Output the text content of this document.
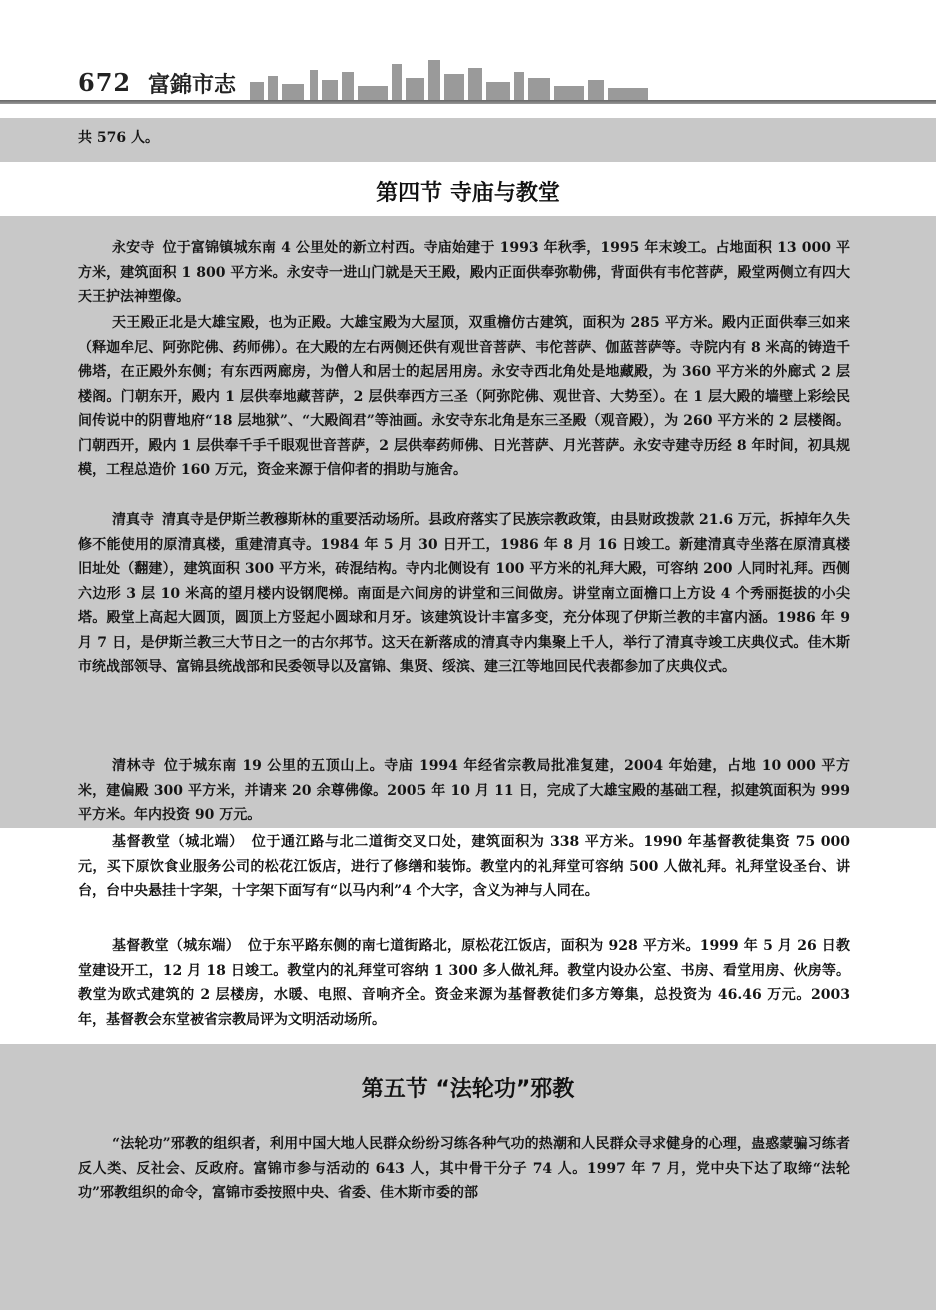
672 富錦市志

共 576 人。

第四节 寺庙与教堂

永安寺 位于富锦镇城东南 4 公里处的新立村西。寺庙始建于 1993 年秋季，1995 年末竣工。占地面积 13 000 平方米，建筑面积 1 800 平方米。永安寺一进山门就是天王殿，殿内正面供奉弥勒佛，背面供有韦佗菩萨，殿堂两侧立有四大天王护法神塑像。

天王殿正北是大雄宝殿，也为正殿。大雄宝殿为大屋顶，双重檐仿古建筑，面积为 285 平方米。殿内正面供奉三如来（释迦牟尼、阿弥陀佛、药师佛）。在大殿的左右两侧还供有观世音菩萨、韦佗菩萨、伽蓝菩萨等。寺院内有 8 米高的铸造千佛塔，在正殿外东侧；有东西两廊房，为僧人和居士的起居用房。永安寺西北角处是地藏殿，为 360 平方米的外廊式 2 层楼阁。门朝东开，殿内 1 层供奉地藏菩萨，2 层供奉西方三圣（阿弥陀佛、观世音、大势至）。在 1 层大殿的墙壁上彩绘民间传说中的阴曹地府“18 层地狱”、“大殿阎君”等油画。永安寺东北角是东三圣殿（观音殿），为 260 平方米的 2 层楼阁。门朝西开，殿内 1 层供奉千手千眼观世音菩萨，2 层供奉药师佛、日光菩萨、月光菩萨。永安寺建寺历经 8 年时间，初具规模，工程总造价 160 万元，资金来源于信仰者的捐助与施舍。

清真寺 清真寺是伊斯兰教穆斯林的重要活动场所。县政府落实了民族宗教政策，由县财政拨款 21.6 万元，拆掉年久失修不能使用的原清真楼，重建清真寺。1984 年 5 月 30 日开工，1986 年 8 月 16 日竣工。新建清真寺坐落在原清真楼旧址处（翻建），建筑面积 300 平方米，砖混结构。寺内北侧设有 100 平方米的礼拜大殿，可容纳 200 人同时礼拜。西侧六边形 3 层 10 米高的望月楼内设钢爬梯。南面是六间房的讲堂和三间做房。讲堂南立面檐口上方设 4 个秀丽挺拔的小尖塔。殿堂上高起大圆顶，圆顶上方竖起小圆球和月牙。该建筑设计丰富多变，充分体现了伊斯兰教的丰富内涵。1986 年 9 月 7 日，是伊斯兰教三大节日之一的古尔邦节。这天在新落成的清真寺内集聚上千人，举行了清真寺竣工庆典仪式。佳木斯市统战部领导、富锦县统战部和民委领导以及富锦、集贤、绥滨、建三江等地回民代表都参加了庆典仪式。

清林寺 位于城东南 19 公里的五顶山上。寺庙 1994 年经省宗教局批准复建，2004 年始建，占地 10 000 平方米，建偏殿 300 平方米，并请来 20 余尊佛像。2005 年 10 月 11 日，完成了大雄宝殿的基础工程，拟建筑面积为 999 平方米。年内投资 90 万元。

基督教堂（城北端） 位于通江路与北二道街交叉口处，建筑面积为 338 平方米。1990 年基督教徒集资 75 000 元，买下原饮食业服务公司的松花江饭店，进行了修缮和装饰。教堂内的礼拜堂可容纳 500 人做礼拜。礼拜堂设圣台、讲台，台中央悬挂十字架，十字架下面写有“以马内利”4 个大字，含义为神与人同在。

基督教堂（城东端） 位于东平路东侧的南七道街路北，原松花江饭店，面积为 928 平方米。1999 年 5 月 26 日教堂建设开工，12 月 18 日竣工。教堂内的礼拜堂可容纳 1 300 多人做礼拜。教堂内设办公室、书房、看堂用房、伙房等。教堂为欧式建筑的 2 层楼房，水暖、电照、音响齐全。资金来源为基督教徒们多方筹集，总投资为 46.46 万元。2003 年，基督教会东堂被省宗教局评为文明活动场所。

第五节 “法轮功”邪教

“法轮功”邪教的组织者，利用中国大地人民群众纷纷习练各种气功的热潮和人民群众寻求健身的心理，蛊惑蒙骗习练者反人类、反社会、反政府。富锦市参与活动的 643 人，其中骨干分子 74 人。1997 年 7 月，党中央下达了取缔“法轮功”邪教组织的命令，富锦市委按照中央、省委、佳木斯市委的部
